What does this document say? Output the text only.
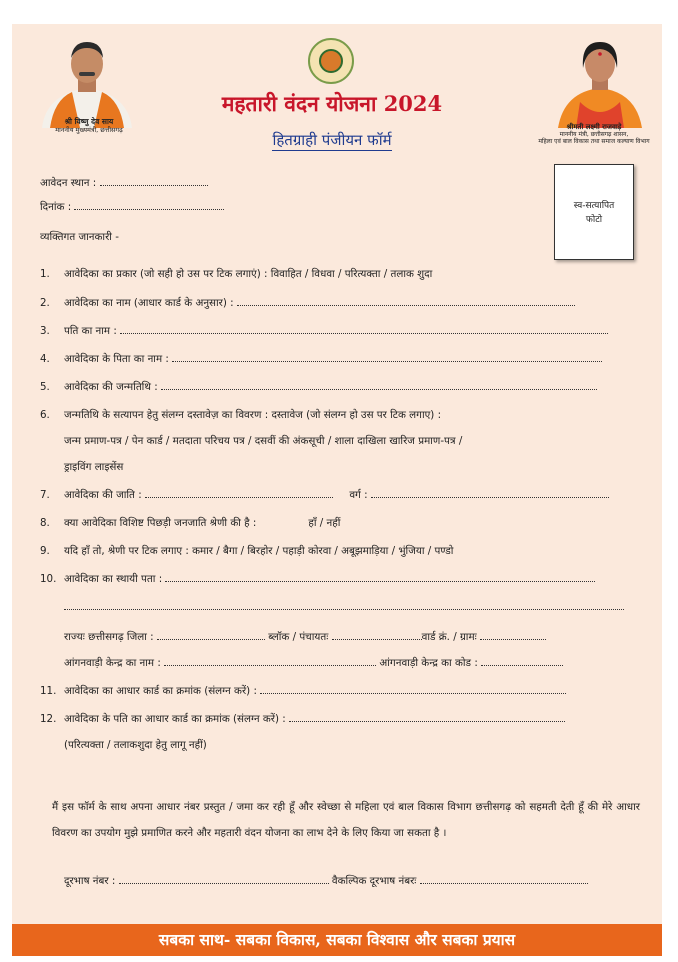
श्री विष्णु देव साय
माननीय मुख्यमंत्री, छत्तीसगढ़
महतारी वंदन योजना 2024
हितग्राही पंजीयन फॉर्म
श्रीमती लक्ष्मी राजवाड़े
माननीय मंत्री, छत्तीसगढ़ शासन,
महिला एवं बाल विकास तथा समाज कल्याण विभाग
स्व-सत्यापित
फोटो
आवेदन स्थान :
दिनांक :
व्यक्तिगत जानकारी -
1. आवेदिका का प्रकार (जो सही हो उस पर टिक लगाएं) : विवाहित / विधवा / परित्यक्ता / तलाक शुदा
2. आवेदिका का नाम (आधार कार्ड के अनुसार) :
3. पति का नाम :
4. आवेदिका के पिता का नाम :
5. आवेदिका की जन्मतिथि :
6. जन्मतिथि के सत्यापन हेतु संलग्न दस्तावेज़ का विवरण : दस्तावेज (जो संलग्न हो उस पर टिक लगाए) :
जन्म प्रमाण-पत्र / पेन कार्ड / मतदाता परिचय पत्र / दसवीं की अंकसूची / शाला दाखिला खारिज प्रमाण-पत्र /
ड्राइविंग लाइसेंस
7. आवेदिका की जाति :	वर्ग :
8. क्या आवेदिका विशिष्ट पिछड़ी जनजाति श्रेणी की है :	हाँ / नहीं
9. यदि हाँ तो, श्रेणी पर टिक लगाए : कमार / बैगा / बिरहोर / पहाड़ी कोरवा / अबूझमाड़िया / भुंजिया / पण्डो
10. आवेदिका का स्थायी पता :
राज्यः छत्तीसगढ़ जिला :	ब्लॉक / पंचायतः	वार्ड क्रं. / ग्रामः
आंगनवाड़ी केन्द्र का नाम :	आंगनवाड़ी केन्द्र का कोड :
11. आवेदिका का आधार कार्ड का क्रमांक (संलग्न करें) :
12. आवेदिका के पति का आधार कार्ड का क्रमांक (संलग्न करें) :
(परित्यक्ता / तलाकशुदा हेतु लागू नहीं)
मैं इस फॉर्म के साथ अपना आधार नंबर प्रस्तुत / जमा कर रही हूँ और स्वेच्छा से महिला एवं बाल विकास विभाग छत्तीसगढ़ को सहमती देती हूँ की मेरे आधार विवरण का उपयोग मुझे प्रमाणित करने और महतारी वंदन योजना का लाभ देने के लिए किया जा सकता है ।
दूरभाष नंबर :	वैकल्पिक दूरभाष नंबरः
सबका साथ- सबका विकास, सबका विश्वास और सबका प्रयास
